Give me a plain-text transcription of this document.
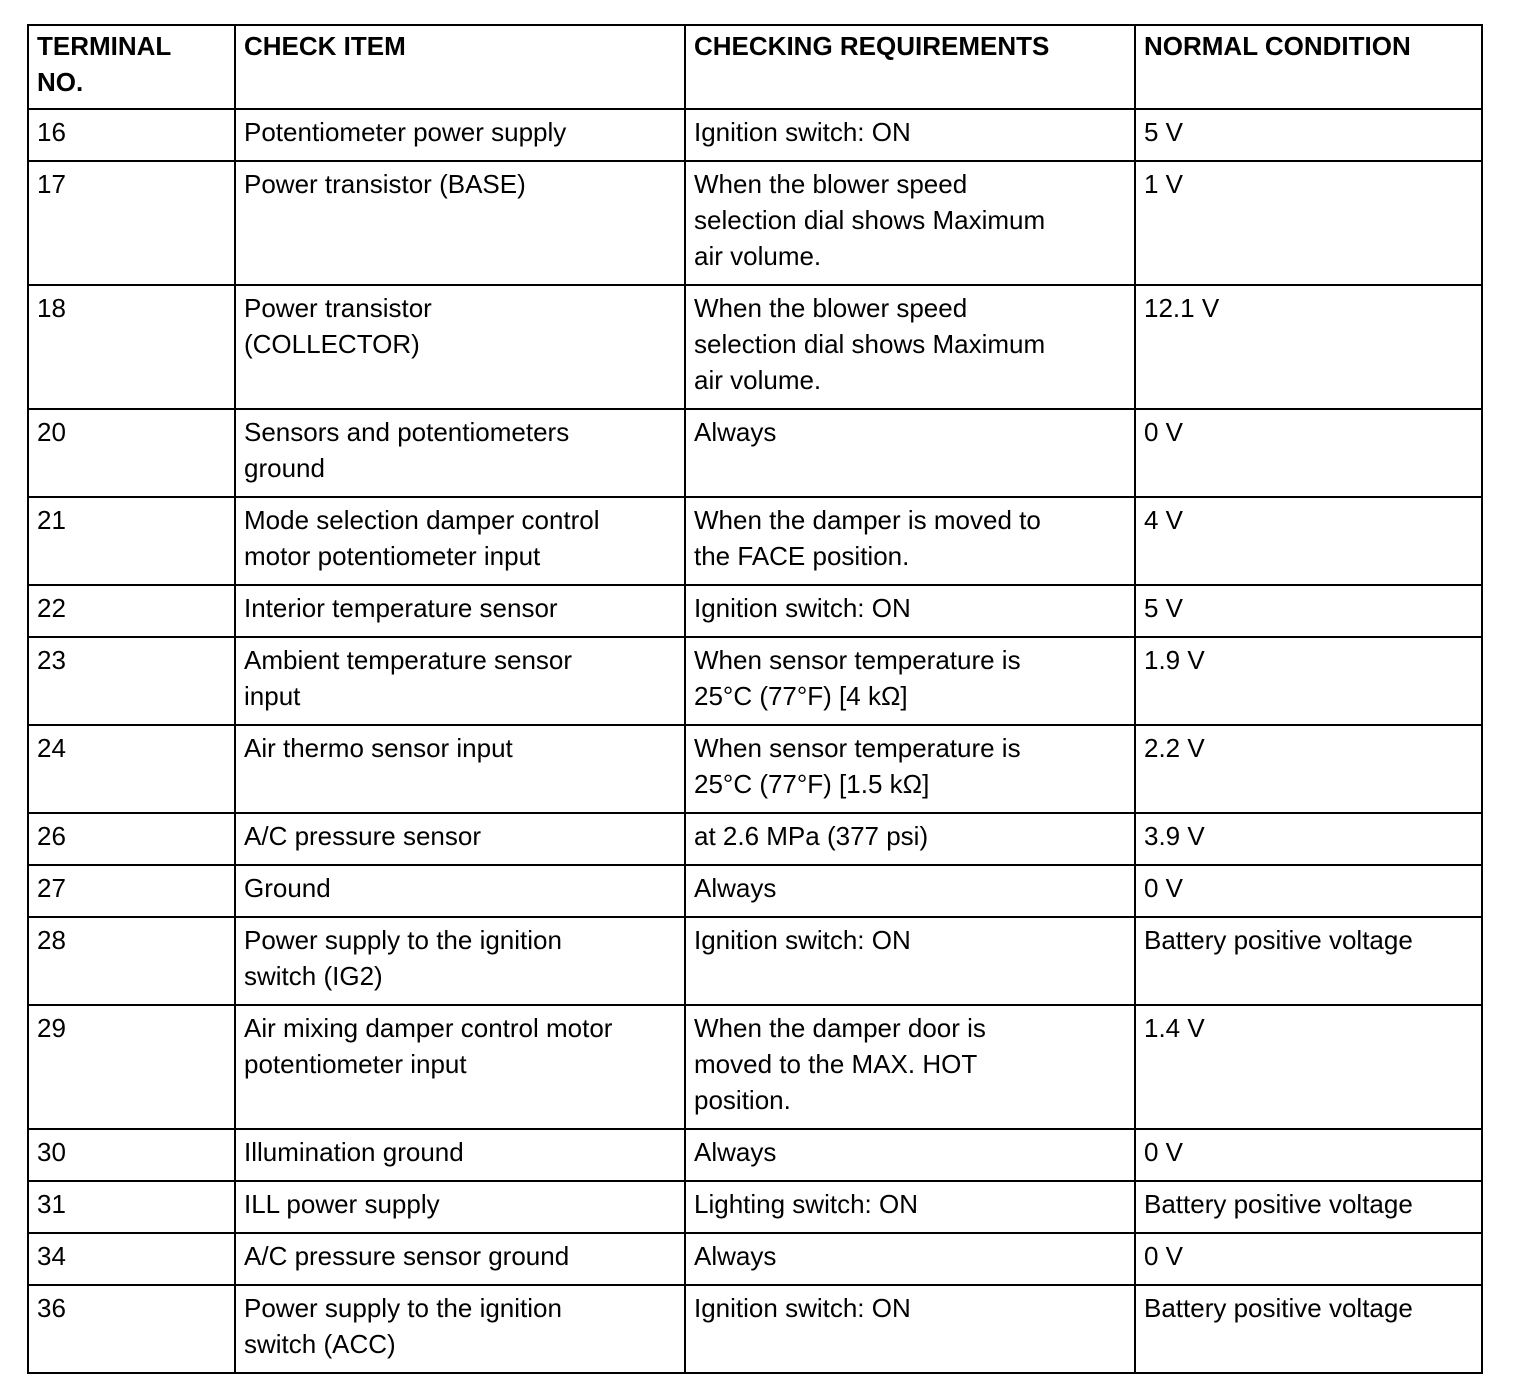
TERMINAL
NO.	CHECK ITEM	CHECKING REQUIREMENTS	NORMAL CONDITION

16	Potentiometer power supply	Ignition switch: ON	5 V

17	Power transistor (BASE)	When the blower speed
selection dial shows Maximum
air volume.	1 V

18	Power transistor
(COLLECTOR)	When the blower speed
selection dial shows Maximum
air volume.	12.1 V

20	Sensors and potentiometers
ground	Always	0 V

21	Mode selection damper control
motor potentiometer input	When the damper is moved to
the FACE position.	4 V

22	Interior temperature sensor	Ignition switch: ON	5 V

23	Ambient temperature sensor
input	When sensor temperature is
25°C (77°F) [4 kΩ]	1.9 V

24	Air thermo sensor input	When sensor temperature is
25°C (77°F) [1.5 kΩ]	2.2 V

26	A/C pressure sensor	at 2.6 MPa (377 psi)	3.9 V

27	Ground	Always	0 V

28	Power supply to the ignition
switch (IG2)	Ignition switch: ON	Battery positive voltage

29	Air mixing damper control motor
potentiometer input	When the damper door is
moved to the MAX. HOT
position.	1.4 V

30	Illumination ground	Always	0 V

31	ILL power supply	Lighting switch: ON	Battery positive voltage

34	A/C pressure sensor ground	Always	0 V

36	Power supply to the ignition
switch (ACC)	Ignition switch: ON	Battery positive voltage
